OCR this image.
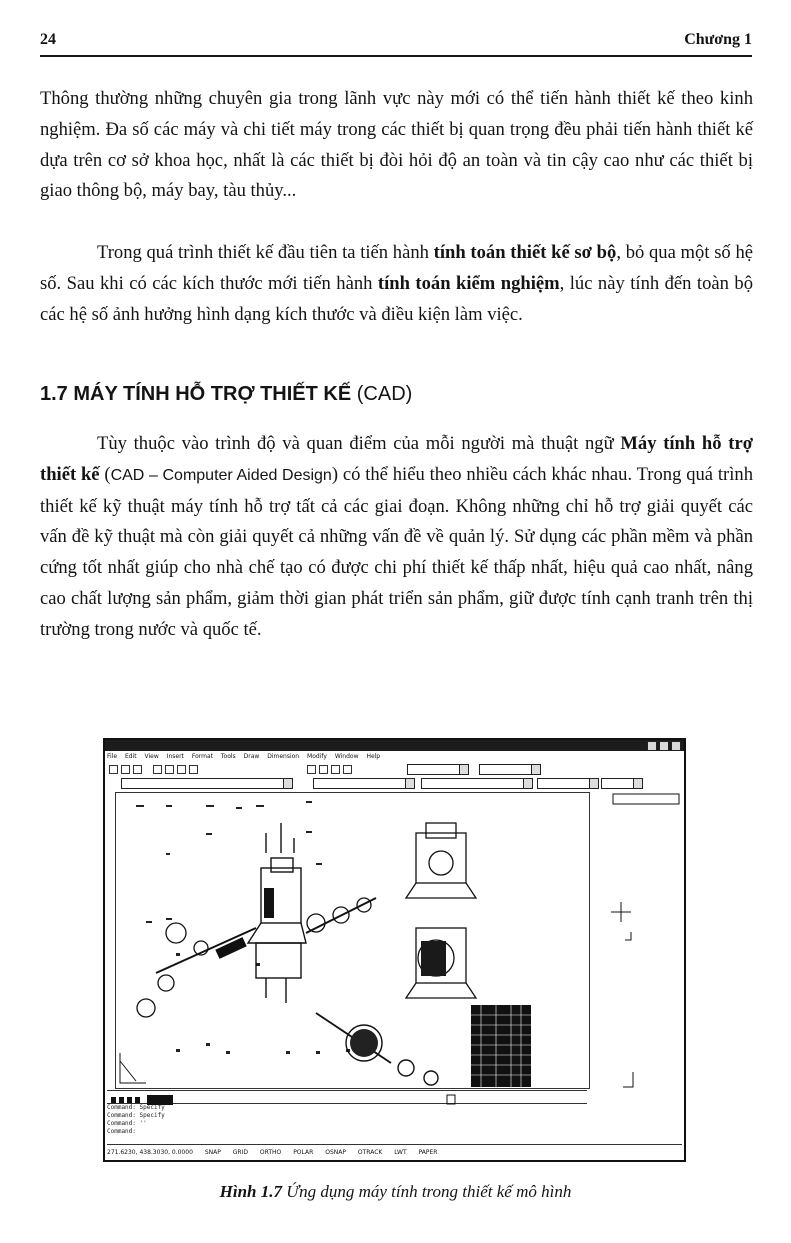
24	Chương 1

Thông thường những chuyên gia trong lãnh vực này mới có thể tiến hành thiết kế theo kinh nghiệm. Đa số các máy và chi tiết máy trong các thiết bị quan trọng đều phải tiến hành thiết kế dựa trên cơ sở khoa học, nhất là các thiết bị đòi hỏi độ an toàn và tin cậy cao như các thiết bị giao thông bộ, máy bay, tàu thủy...

Trong quá trình thiết kế đầu tiên ta tiến hành tính toán thiết kế sơ bộ, bỏ qua một số hệ số. Sau khi có các kích thước mới tiến hành tính toán kiểm nghiệm, lúc này tính đến toàn bộ các hệ số ảnh hưởng hình dạng kích thước và điều kiện làm việc.

1.7 MÁY TÍNH HỖ TRỢ THIẾT KẾ (CAD)

Tùy thuộc vào trình độ và quan điểm của mỗi người mà thuật ngữ Máy tính hỗ trợ thiết kế (CAD – Computer Aided Design) có thể hiểu theo nhiều cách khác nhau. Trong quá trình thiết kế kỹ thuật máy tính hỗ trợ tất cả các giai đoạn. Không những chỉ hỗ trợ giải quyết các vấn đề kỹ thuật mà còn giải quyết cả những vấn đề về quản lý. Sử dụng các phần mềm và phần cứng tốt nhất giúp cho nhà chế tạo có được chi phí thiết kế thấp nhất, hiệu quả cao nhất, nâng cao chất lượng sản phẩm, giảm thời gian phát triển sản phẩm, giữ được tính cạnh tranh trên thị trường trong nước và quốc tế.

File Edit View Insert Format Tools Draw Dimension Modify Window Help
Command: Specify
Command: Specify
Command: ''
Command:
271.6230, 438.3030, 0.0000 SNAP GRID ORTHO POLAR OSNAP OTRACK LWT PAPER

Hình 1.7 Ứng dụng máy tính trong thiết kế mô hình
